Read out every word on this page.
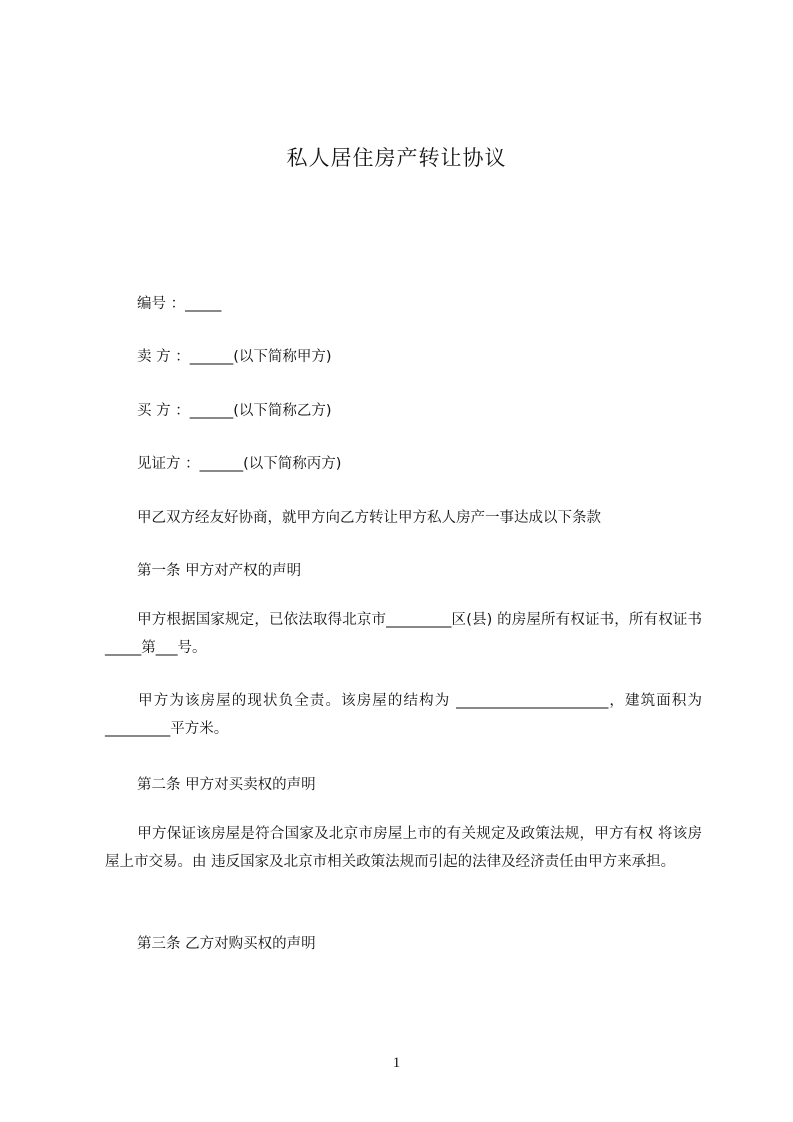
私人居住房产转让协议
编号 ：_____
卖 方 ：______(以下简称甲方)
买 方 ：______(以下简称乙方)
见证方 ：______(以下简称丙方)
甲乙双方经友好协商，就甲方向乙方转让甲方私人房产一事达成以下条款
第一条 甲方对产权的声明
甲方根据国家规定，已依法取得北京市_________区(县) 的房屋所有权证书，所有权证书_____第___号。
甲方为该房屋的现状负全责。该房屋的结构为 _____________________，建筑面积为_________平方米。
第二条 甲方对买卖权的声明
甲方保证该房屋是符合国家及北京市房屋上市的有关规定及政策法规，甲方有权 将该房屋上市交易。由 违反国家及北京市相关政策法规而引起的法律及经济责任由甲方来承担。
第三条 乙方对购买权的声明
1
